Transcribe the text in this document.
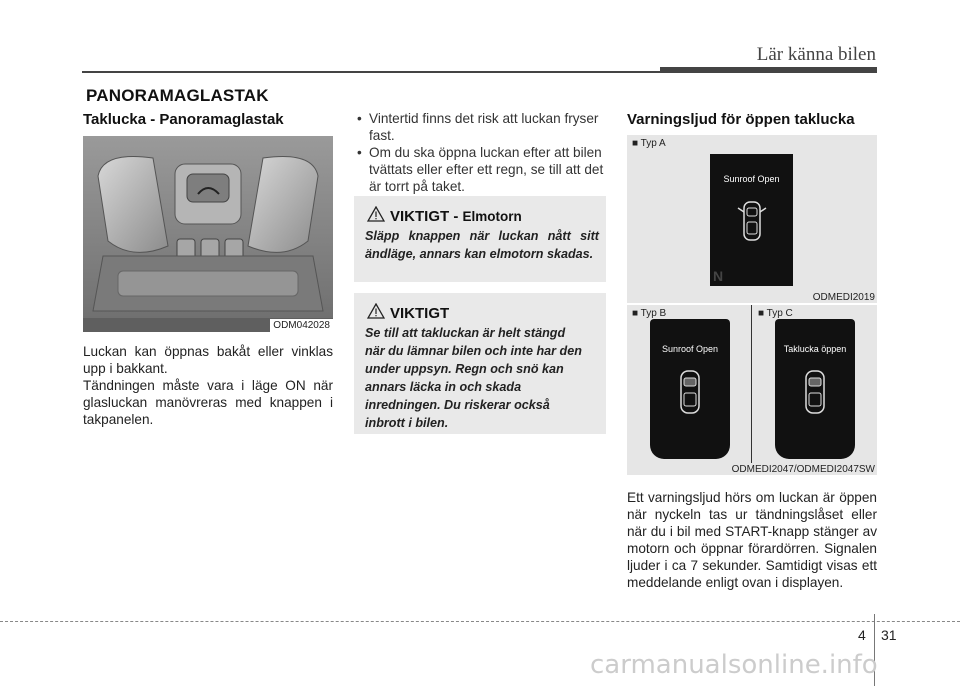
Lär känna bilen
PANORAMAGLASTAK
Taklucka - Panoramaglastak
ODM042028
Luckan kan öppnas bakåt eller vinklas upp i bakkant.
Tändningen måste vara i läge ON när glasluckan manövreras med knappen i takpanelen.
• Vintertid finns det risk att luckan fryser fast.
• Om du ska öppna luckan efter att bilen tvättats eller efter ett regn, se till att det är torrt på taket.
VIKTIGT - Elmotorn
Släpp knappen när luckan nått sitt ändläge, annars kan elmotorn skadas.
VIKTIGT
Se till att takluckan är helt stängd när du lämnar bilen och inte har den under uppsyn. Regn och snö kan annars läcka in och skada inredningen. Du riskerar också inbrott i bilen.
Varningsljud för öppen taklucka
■ Typ A
Sunroof Open
N
ODMEDI2019
■ Typ B	■ Typ C
Sunroof Open	Taklucka öppen
ODMEDI2047/ODMEDI2047SW
Ett varningsljud hörs om luckan är öppen när nyckeln tas ur tändningslåset eller när du i bil med START-knapp stänger av motorn och öppnar förardörren. Signalen ljuder i ca 7 sekunder. Samtidigt visas ett meddelande enligt ovan i displayen.
4 31
carmanualsonline.info
